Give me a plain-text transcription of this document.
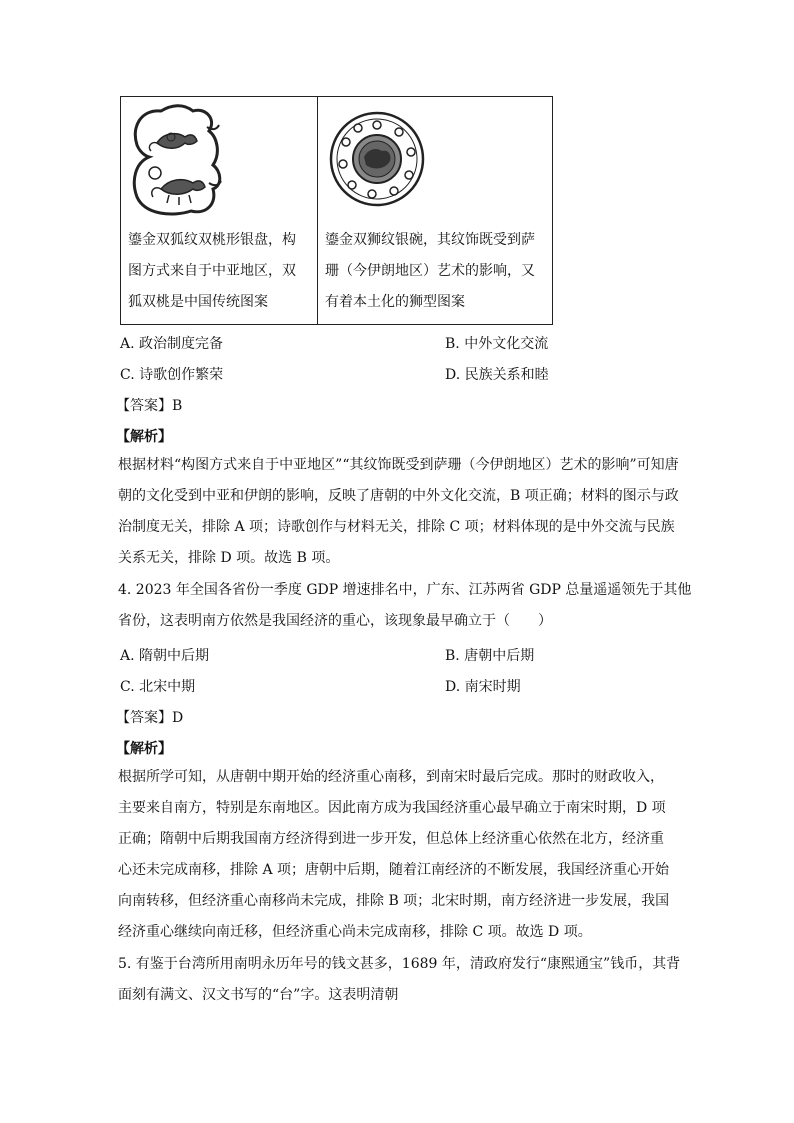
鎏金双狐纹双桃形银盘，构
图方式来自于中亚地区，双
狐双桃是中国传统图案

鎏金双狮纹银碗，其纹饰既受到萨
珊（今伊朗地区）艺术的影响，又
有着本土化的狮型图案
A. 政治制度完备	B. 中外文化交流
C. 诗歌创作繁荣	D. 民族关系和睦
【答案】B
【解析】
根据材料“构图方式来自于中亚地区”“其纹饰既受到萨珊（今伊朗地区）艺术的影响”可知唐
朝的文化受到中亚和伊朗的影响，反映了唐朝的中外文化交流，B 项正确；材料的图示与政
治制度无关，排除 A 项；诗歌创作与材料无关，排除 C 项；材料体现的是中外交流与民族
关系无关，排除 D 项。故选 B 项。
4. 2023 年全国各省份一季度 GDP 增速排名中，广东、江苏两省 GDP 总量遥遥领先于其他
省份，这表明南方依然是我国经济的重心，该现象最早确立于（　　）
A. 隋朝中后期	B. 唐朝中后期
C. 北宋中期	D. 南宋时期
【答案】D
【解析】
根据所学可知，从唐朝中期开始的经济重心南移，到南宋时最后完成。那时的财政收入，
主要来自南方，特别是东南地区。因此南方成为我国经济重心最早确立于南宋时期，D 项
正确；隋朝中后期我国南方经济得到进一步开发，但总体上经济重心依然在北方，经济重
心还未完成南移，排除 A 项；唐朝中后期，随着江南经济的不断发展，我国经济重心开始
向南转移，但经济重心南移尚未完成，排除 B 项；北宋时期，南方经济进一步发展，我国
经济重心继续向南迁移，但经济重心尚未完成南移，排除 C 项。故选 D 项。
5. 有鉴于台湾所用南明永历年号的钱文甚多，1689 年，清政府发行“康熙通宝”钱币，其背
面刻有满文、汉文书写的“台”字。这表明清朝
